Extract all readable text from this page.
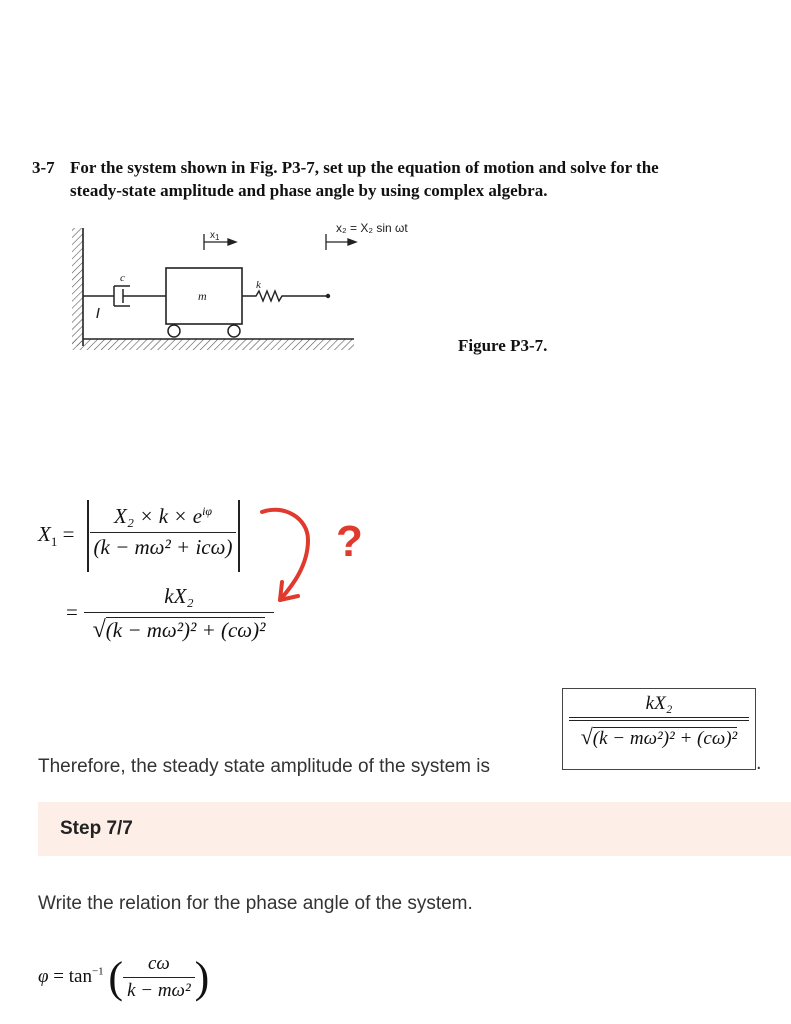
3-7 For the system shown in Fig. P3-7, set up the equation of motion and solve for the
steady-state amplitude and phase angle by using complex algebra.
c
m
k
$x_1$
x₂ = X₂ sin ωt
Figure P3-7.
$X_1$ =
$X_2 \times k \times e^{i\varphi}$
(k − mω² + icω)
= $\frac{\text{kX₂}}{\text{√(k − mω²)² + (cω)²}}$
?
Therefore, the steady state amplitude of the system is
kX₂
√(k − mω²)² + (cω)²
.
Step 7/7
Write the relation for the phase angle of the system.
$\varphi = \tan^{-1}$ ( $\frac{c\omega}{\text{k − mω²}}$ )
